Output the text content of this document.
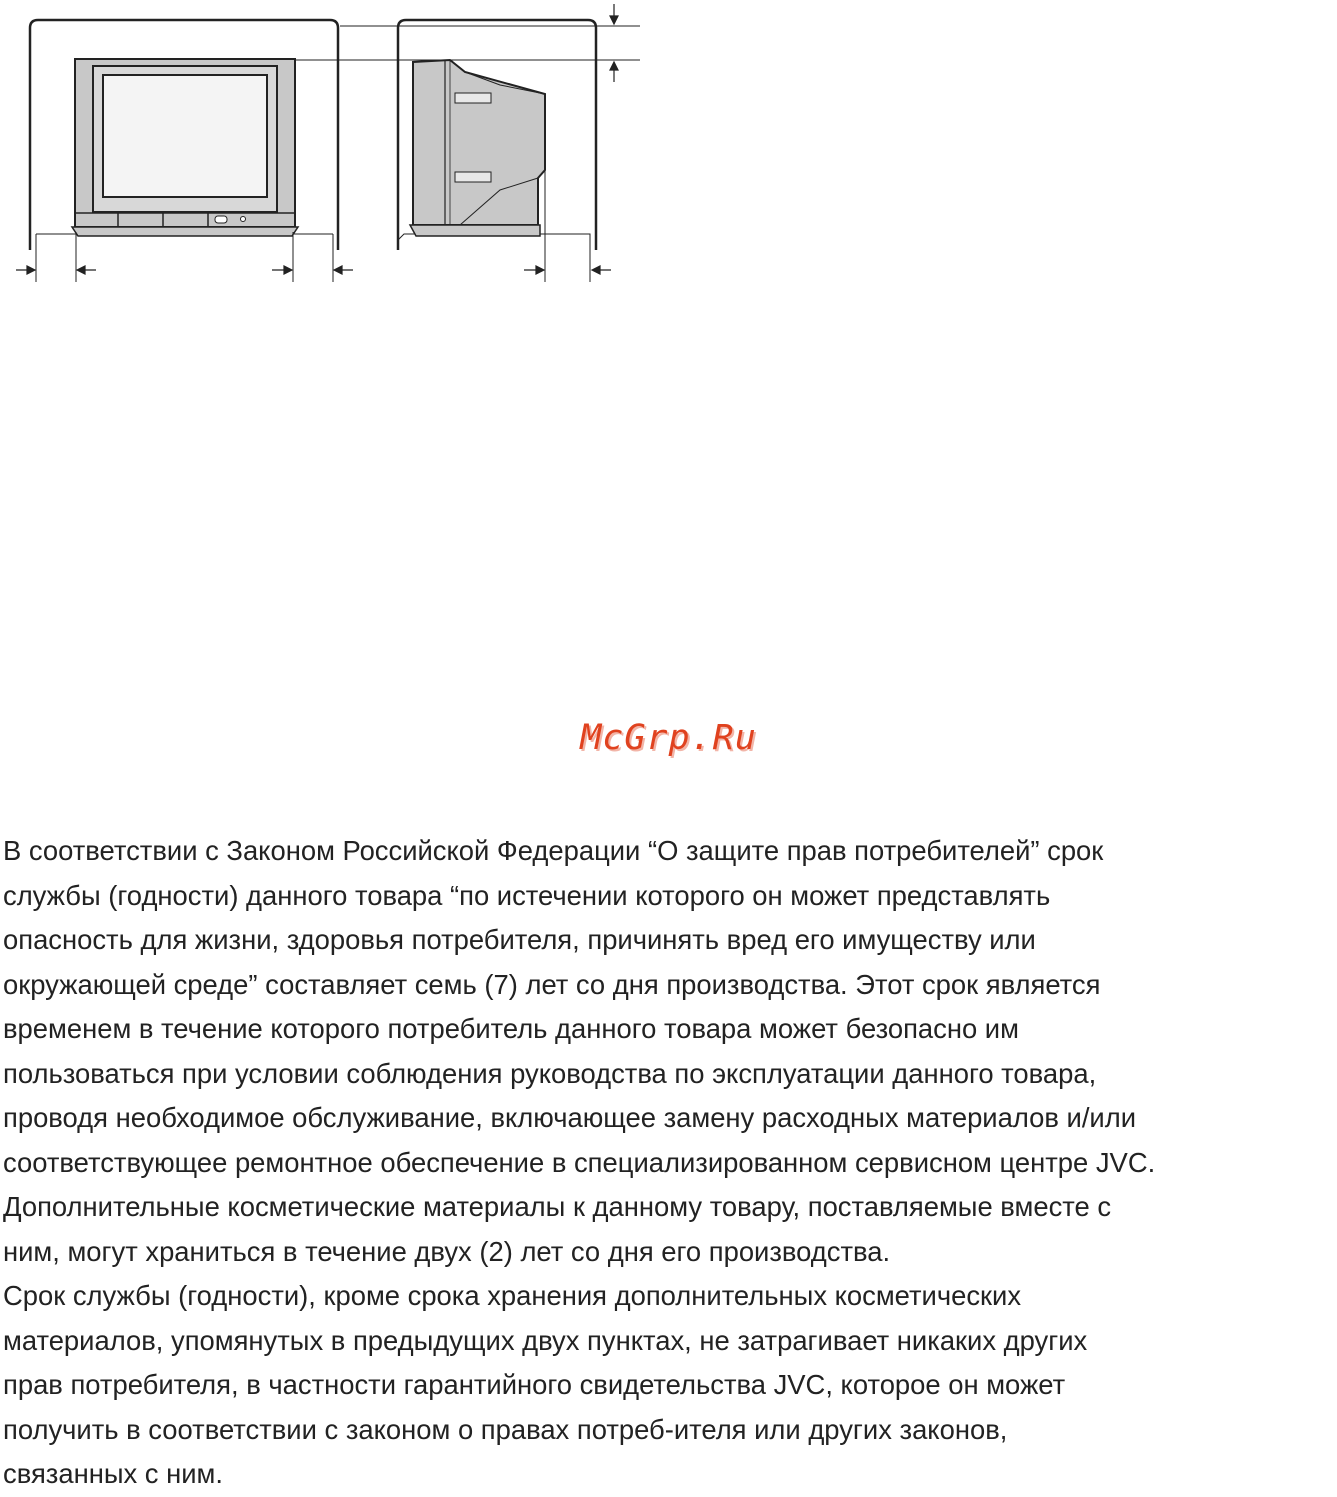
McGrp.Ru
В соответствии с Законом Российской Федерации “О защите прав потребителей” срок
службы (годности) данного товара “по истечении которого он может представлять
опасность для жизни, здоровья потребителя, причинять вред его имуществу или
окружающей среде” составляет семь (7) лет со дня производства. Этот срок является
временем в течение которого потребитель данного товара может безопасно им
пользоваться при условии соблюдения руководства по эксплуатации данного товара,
проводя необходимое обслуживание, включающее замену расходных материалов и/или
соответствующее ремонтное обеспечение в специализированном сервисном центре JVC.
Дополнительные косметические материалы к данному товару, поставляемые вместе с
ним, могут храниться в течение двух (2) лет со дня его производства.
Срок службы (годности), кроме срока хранения дополнительных косметических
материалов, упомянутых в предыдущих двух пунктах, не затрагивает никаких других
прав потребителя, в частности гарантийного свидетельства JVC, которое он может
получить в соответствии с законом о правах потреб-ителя или других законов,
связанных с ним.
